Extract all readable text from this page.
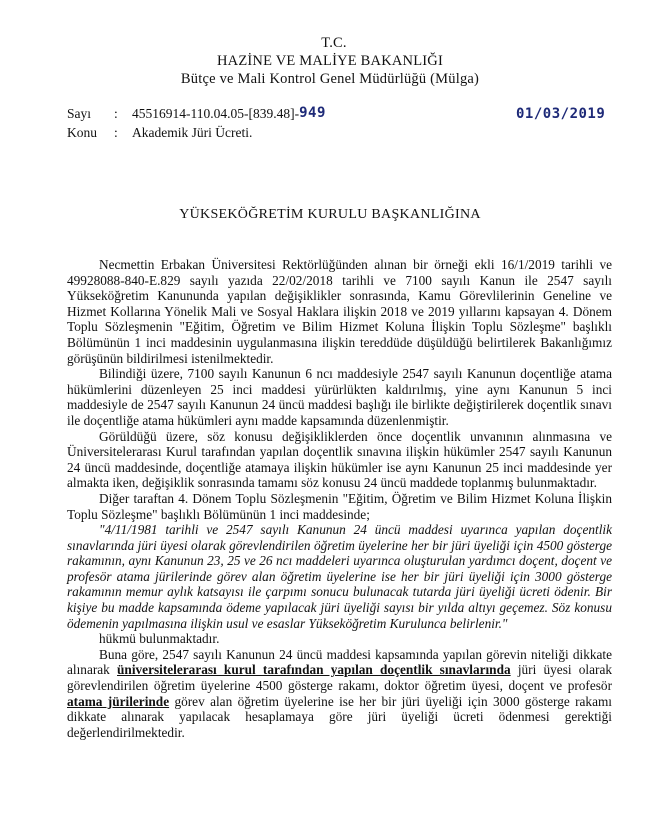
T.C.
HAZİNE VE MALİYE BAKANLIĞI
Bütçe ve Mali Kontrol Genel Müdürlüğü (Mülga)
Sayı	:	45516914-110.04.05-[839.48]- 949
Konu	:	Akademik Jüri Ücreti.
01/03/2019
YÜKSEKÖĞRETİM KURULU BAŞKANLIĞINA

Necmettin Erbakan Üniversitesi Rektörlüğünden alınan bir örneği ekli 16/1/2019 tarihli ve 49928088-840-E.829 sayılı yazıda 22/02/2018 tarihli ve 7100 sayılı Kanun ile 2547 sayılı Yükseköğretim Kanununda yapılan değişiklikler sonrasında, Kamu Görevlilerinin Geneline ve Hizmet Kollarına Yönelik Mali ve Sosyal Haklara ilişkin 2018 ve 2019 yıllarını kapsayan 4. Dönem Toplu Sözleşmenin "Eğitim, Öğretim ve Bilim Hizmet Koluna İlişkin Toplu Sözleşme" başlıklı Bölümünün 1 inci maddesinin uygulanmasına ilişkin tereddüde düşüldüğü belirtilerek Bakanlığımız görüşünün bildirilmesi istenilmektedir.

Bilindiği üzere, 7100 sayılı Kanunun 6 ncı maddesiyle 2547 sayılı Kanunun doçentliğe atama hükümlerini düzenleyen 25 inci maddesi yürürlükten kaldırılmış, yine aynı Kanunun 5 inci maddesiyle de 2547 sayılı Kanunun 24 üncü maddesi başlığı ile birlikte değiştirilerek doçentlik sınavı ile doçentliğe atama hükümleri aynı madde kapsamında düzenlenmiştir.

Görüldüğü üzere, söz konusu değişikliklerden önce doçentlik unvanının alınmasına ve Üniversitelerarası Kurul tarafından yapılan doçentlik sınavına ilişkin hükümler 2547 sayılı Kanunun 24 üncü maddesinde, doçentliğe atamaya ilişkin hükümler ise aynı Kanunun 25 inci maddesinde yer almakta iken, değişiklik sonrasında tamamı söz konusu 24 üncü maddede toplanmış bulunmaktadır.

Diğer taraftan 4. Dönem Toplu Sözleşmenin "Eğitim, Öğretim ve Bilim Hizmet Koluna İlişkin Toplu Sözleşme" başlıklı Bölümünün 1 inci maddesinde;

"4/11/1981 tarihli ve 2547 sayılı Kanunun 24 üncü maddesi uyarınca yapılan doçentlik sınavlarında jüri üyesi olarak görevlendirilen öğretim üyelerine her bir jüri üyeliği için 4500 gösterge rakamının, aynı Kanunun 23, 25 ve 26 ncı maddeleri uyarınca oluşturulan yardımcı doçent, doçent ve profesör atama jürilerinde görev alan öğretim üyelerine ise her bir jüri üyeliği için 3000 gösterge rakamının memur aylık katsayısı ile çarpımı sonucu bulunacak tutarda jüri üyeliği ücreti ödenir. Bir kişiye bu madde kapsamında ödeme yapılacak jüri üyeliği sayısı bir yılda altıyı geçemez. Söz konusu ödemenin yapılmasına ilişkin usul ve esaslar Yükseköğretim Kurulunca belirlenir."

hükmü bulunmaktadır.

Buna göre, 2547 sayılı Kanunun 24 üncü maddesi kapsamında yapılan görevin niteliği dikkate alınarak üniversitelerarası kurul tarafından yapılan doçentlik sınavlarında jüri üyesi olarak görevlendirilen öğretim üyelerine 4500 gösterge rakamı, doktor öğretim üyesi, doçent ve profesör atama jürilerinde görev alan öğretim üyelerine ise her bir jüri üyeliği için 3000 gösterge rakamı dikkate alınarak yapılacak hesaplamaya göre jüri üyeliği ücreti ödenmesi gerektiği değerlendirilmektedir.
